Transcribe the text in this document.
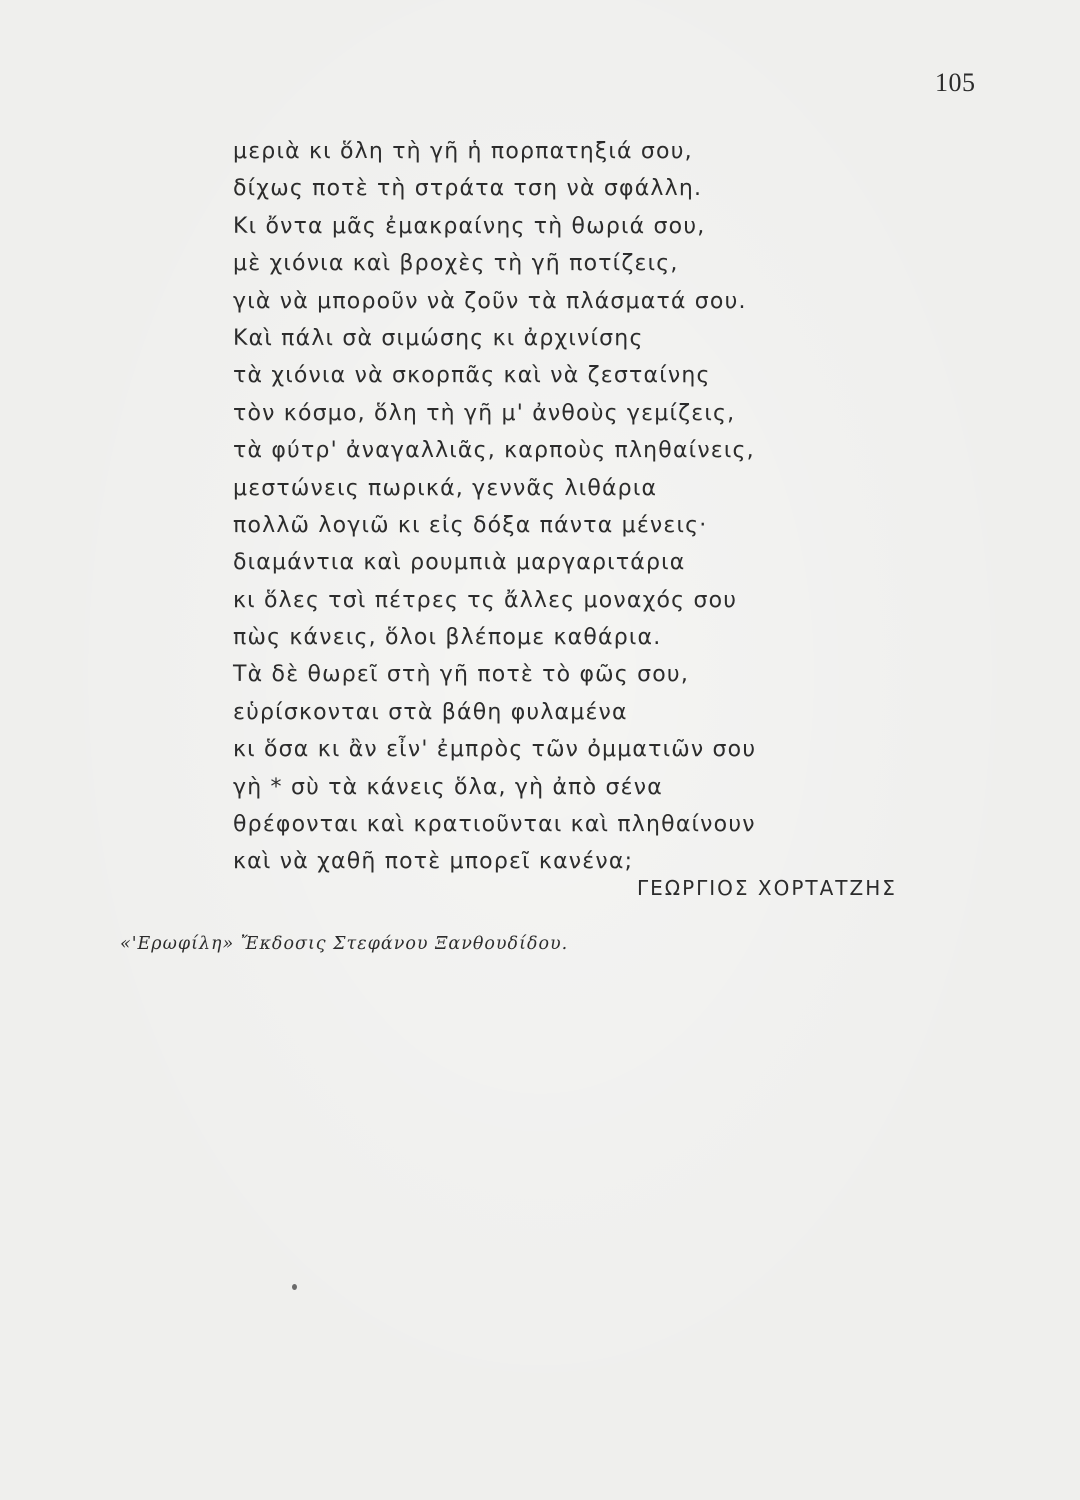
105
μεριὰ κι ὅλη τὴ γῆ ἡ πορπατηξιά σου,
δίχως ποτὲ τὴ στράτα τση νὰ σφάλλη.
Κι ὄντα μᾶς ἐμακραίνης τὴ θωριά σου,
μὲ χιόνια καὶ βροχὲς τὴ γῆ ποτίζεις,
γιὰ νὰ μποροῦν νὰ ζοῦν τὰ πλάσματά σου.
Καὶ πάλι σὰ σιμώσης κι ἀρχινίσης
τὰ χιόνια νὰ σκορπᾶς καὶ νὰ ζεσταίνης
τὸν κόσμο, ὅλη τὴ γῆ μ' ἀνθοὺς γεμίζεις,
τὰ φύτρ' ἀναγαλλιᾶς, καρποὺς πληθαίνεις,
μεστώνεις πωρικά, γεννᾶς λιθάρια
πολλῶ λογιῶ κι εἰς δόξα πάντα μένεις·
διαμάντια καὶ ρουμπιὰ μαργαριτάρια
κι ὅλες τσὶ πέτρες τς ἄλλες μοναχός σου
πὼς κάνεις, ὅλοι βλέπομε καθάρια.
Τὰ δὲ θωρεῖ στὴ γῆ ποτὲ τὸ φῶς σου,
εὑρίσκονται στὰ βάθη φυλαμένα
κι ὅσα κι ἂν εἶν' ἐμπρὸς τῶν ὀμματιῶν σου
γὴ * σὺ τὰ κάνεις ὅλα, γὴ ἀπὸ σένα
θρέφονται καὶ κρατιοῦνται καὶ πληθαίνουν
καὶ νὰ χαθῆ ποτὲ μπορεῖ κανένα;
ΓΕΩΡΓΙΟΣ ΧΟΡΤΑΤΖΗΣ
«'Ερωφίλη» Ἔκδοσις Στεφάνου Ξανθουδίδου.
